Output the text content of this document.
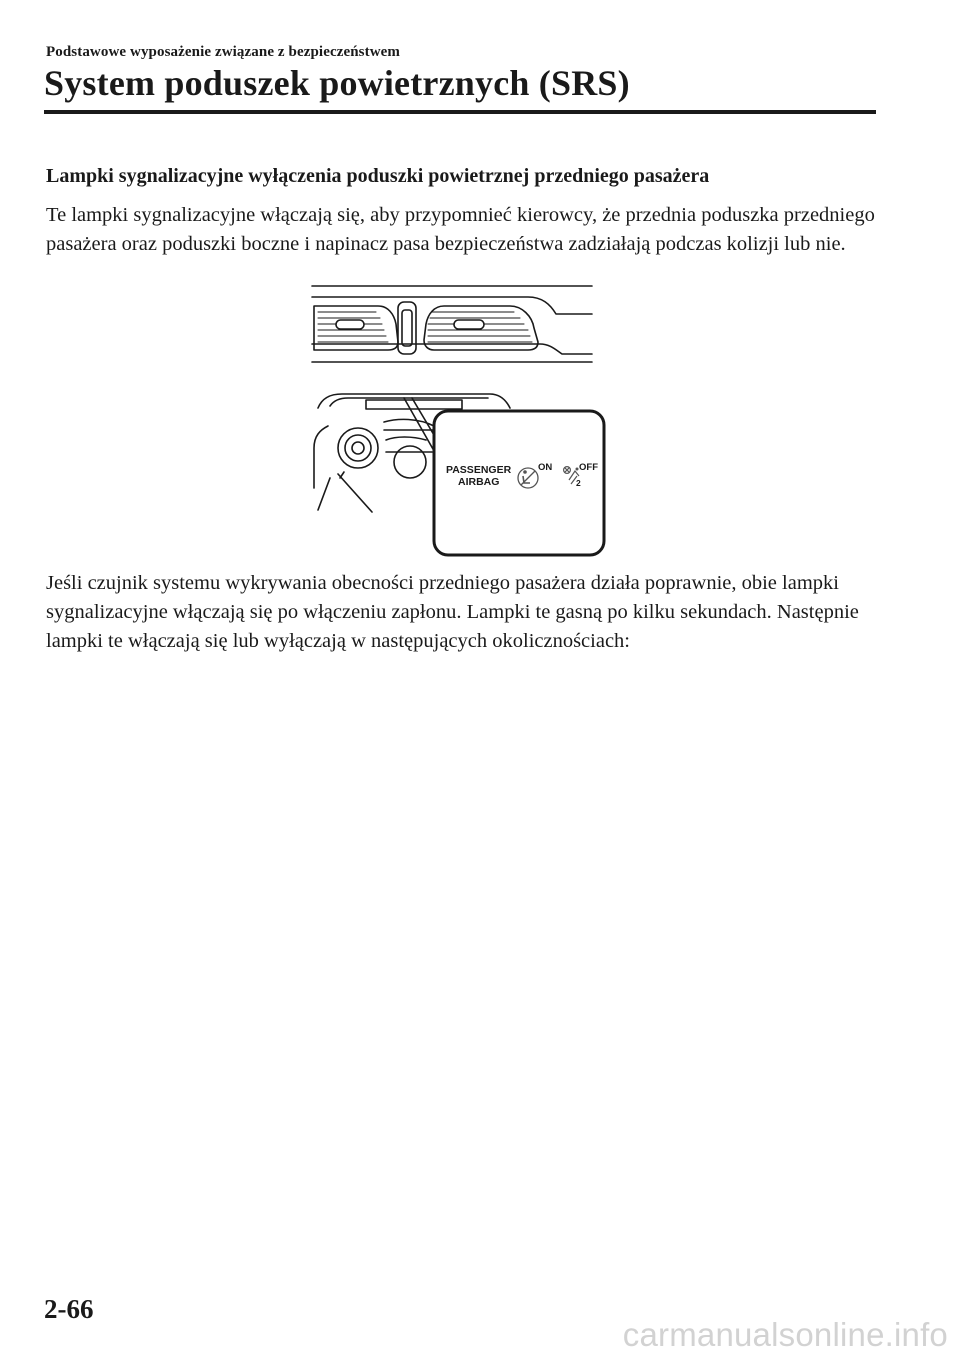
Podstawowe wyposażenie związane z bezpieczeństwem
System poduszek powietrznych (SRS)
Lampki sygnalizacyjne wyłączenia poduszki powietrznej przedniego pasażera

Te lampki sygnalizacyjne włączają się, aby przypomnieć kierowcy, że przednia poduszka przedniego pasażera oraz poduszki boczne i napinacz pasa bezpieczeństwa zadziałają podczas kolizji lub nie.

PASSENGER
AIRBAG
ON	OFF
2

Jeśli czujnik systemu wykrywania obecności przedniego pasażera działa poprawnie, obie lampki sygnalizacyjne włączają się po włączeniu zapłonu. Lampki te gasną po kilku sekundach. Następnie lampki te włączają się lub wyłączają w następujących okolicznościach:

2-66
carmanualsonline.info
